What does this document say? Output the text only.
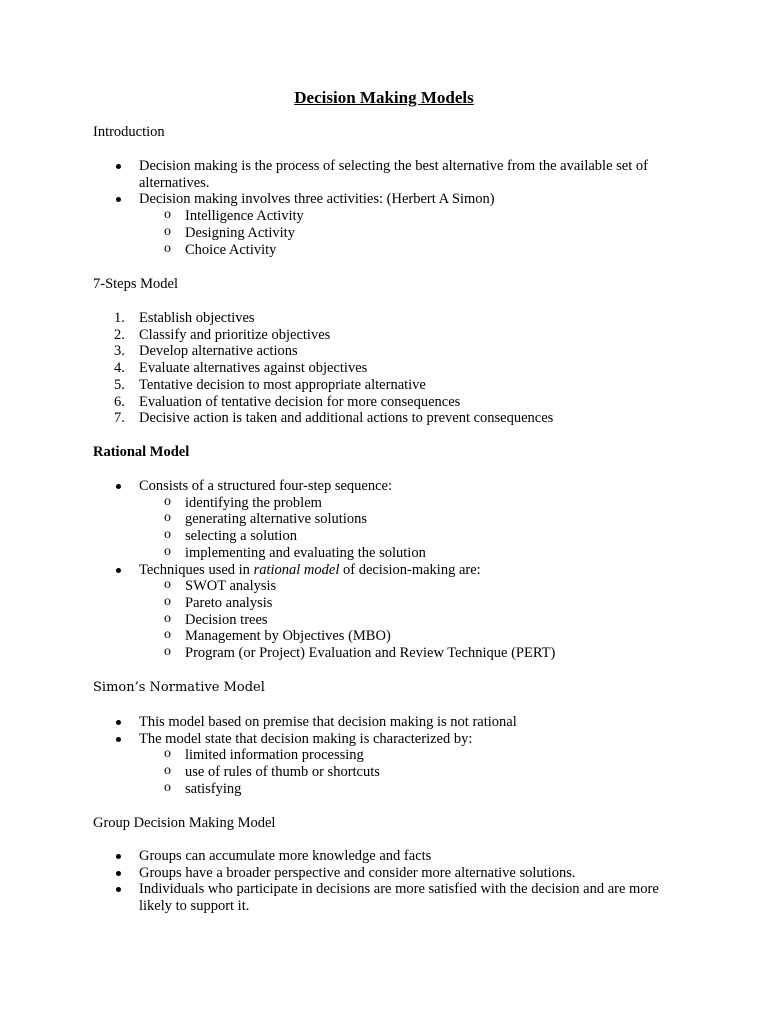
Decision Making Models
Introduction
Decision making is the process of selecting the best alternative from the available set of alternatives.
Decision making involves three activities: (Herbert A Simon)
o Intelligence Activity
o Designing Activity
o Choice Activity
7-Steps Model
1. Establish objectives
2. Classify and prioritize objectives
3. Develop alternative actions
4. Evaluate alternatives against objectives
5. Tentative decision to most appropriate alternative
6. Evaluation of tentative decision for more consequences
7. Decisive action is taken and additional actions to prevent consequences
Rational Model
Consists of a structured four-step sequence:
o identifying the problem
o generating alternative solutions
o selecting a solution
o implementing and evaluating the solution
Techniques used in rational model of decision-making are:
o SWOT analysis
o Pareto analysis
o Decision trees
o Management by Objectives (MBO)
o Program (or Project) Evaluation and Review Technique (PERT)
Simon’s Normative Model
This model based on premise that decision making is not rational
The model state that decision making is characterized by:
o limited information processing
o use of rules of thumb or shortcuts
o satisfying
Group Decision Making Model
Groups can accumulate more knowledge and facts
Groups have a broader perspective and consider more alternative solutions.
Individuals who participate in decisions are more satisfied with the decision and are more likely to support it.
